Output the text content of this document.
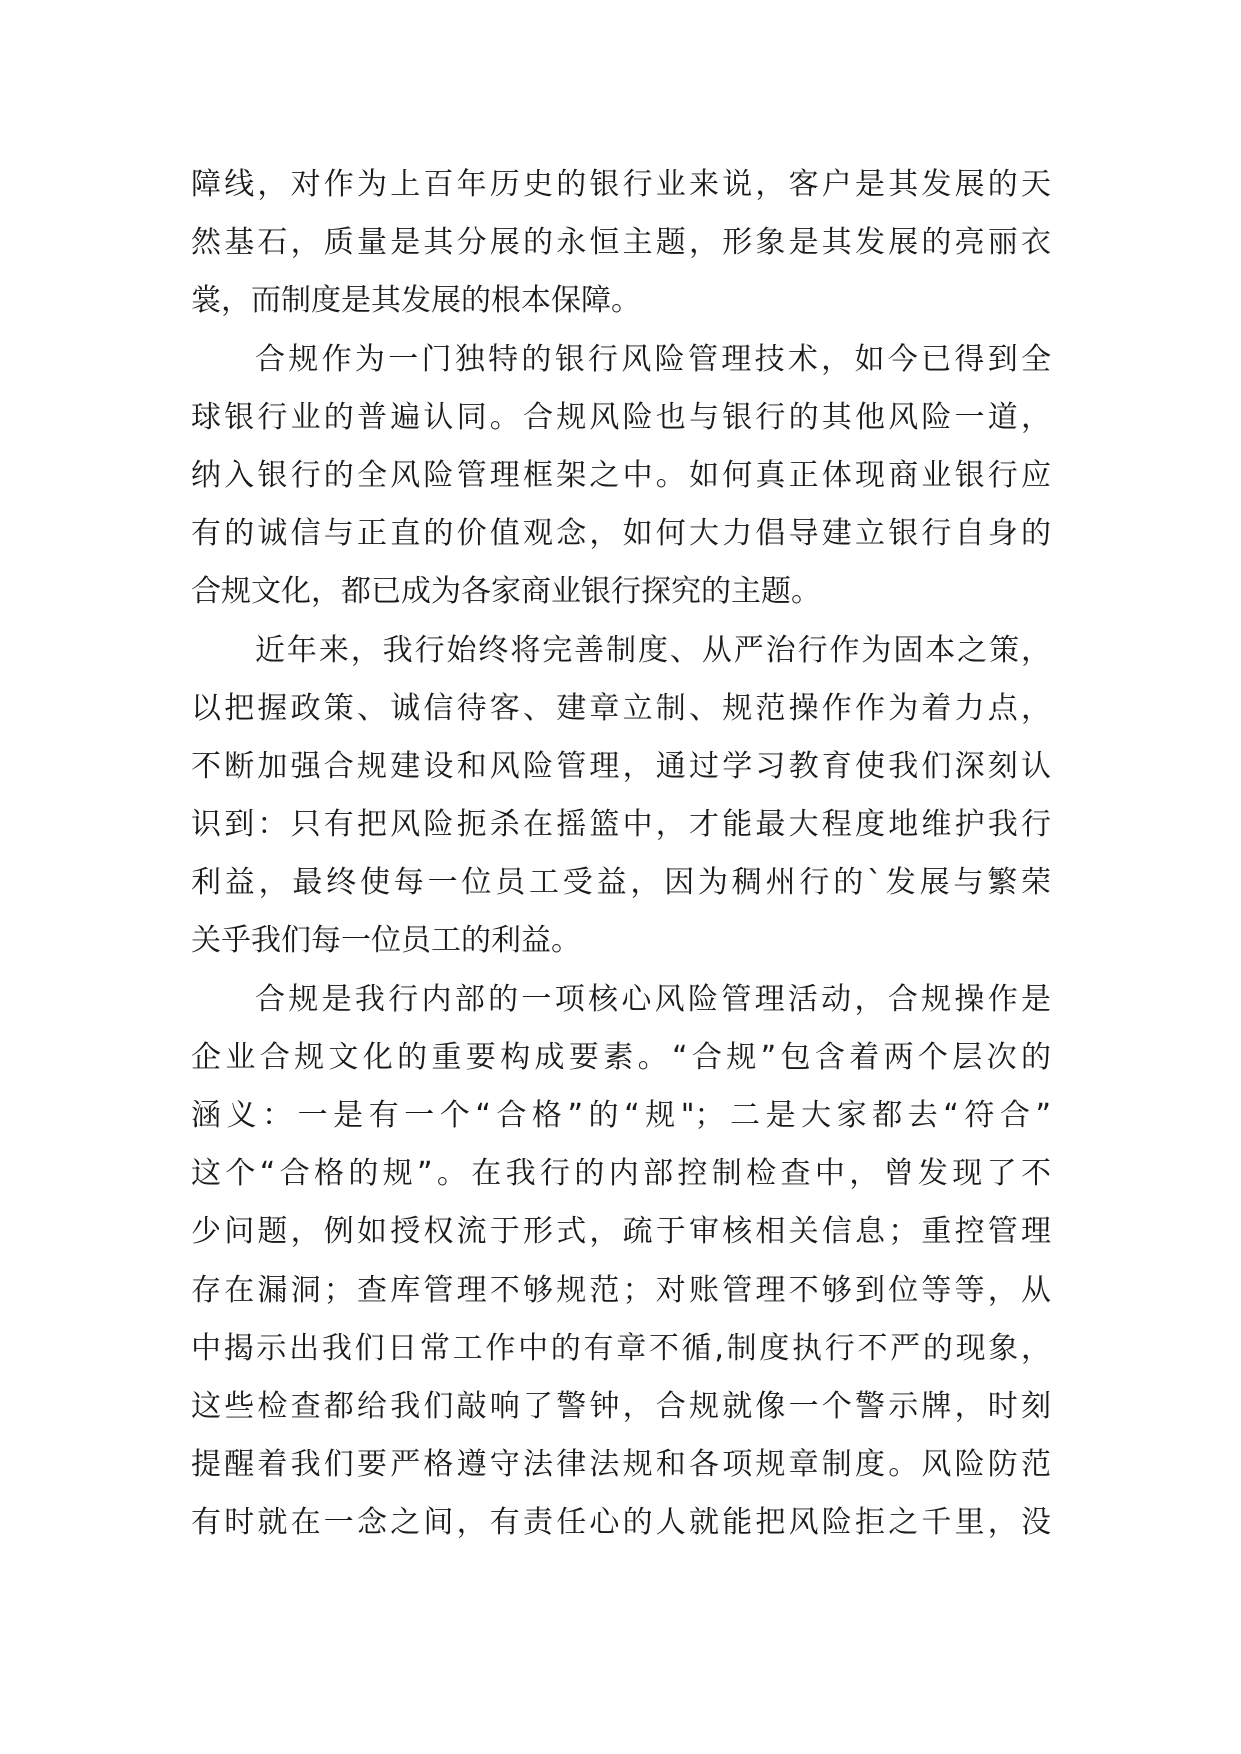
障线，对作为上百年历史的银行业来说，客户是其发展的天
然基石，质量是其分展的永恒主题，形象是其发展的亮丽衣
裳，而制度是其发展的根本保障。
合规作为一门独特的银行风险管理技术，如今已得到全
球银行业的普遍认同。合规风险也与银行的其他风险一道，
纳入银行的全风险管理框架之中。如何真正体现商业银行应
有的诚信与正直的价值观念，如何大力倡导建立银行自身的
合规文化，都已成为各家商业银行探究的主题。
近年来，我行始终将完善制度、从严治行作为固本之策，
以把握政策、诚信待客、建章立制、规范操作作为着力点，
不断加强合规建设和风险管理，通过学习教育使我们深刻认
识到：只有把风险扼杀在摇篮中，才能最大程度地维护我行
利益，最终使每一位员工受益，因为稠州行的`发展与繁荣
关乎我们每一位员工的利益。
合规是我行内部的一项核心风险管理活动，合规操作是
企业合规文化的重要构成要素。“合规”包含着两个层次的
涵义：一是有一个“合格”的“规"；二是大家都去“符合”
这个“合格的规”。在我行的内部控制检查中，曾发现了不
少问题，例如授权流于形式，疏于审核相关信息；重控管理
存在漏洞；查库管理不够规范；对账管理不够到位等等，从
中揭示出我们日常工作中的有章不循,制度执行不严的现象，
这些检查都给我们敲响了警钟，合规就像一个警示牌，时刻
提醒着我们要严格遵守法律法规和各项规章制度。风险防范
有时就在一念之间，有责任心的人就能把风险拒之千里，没
